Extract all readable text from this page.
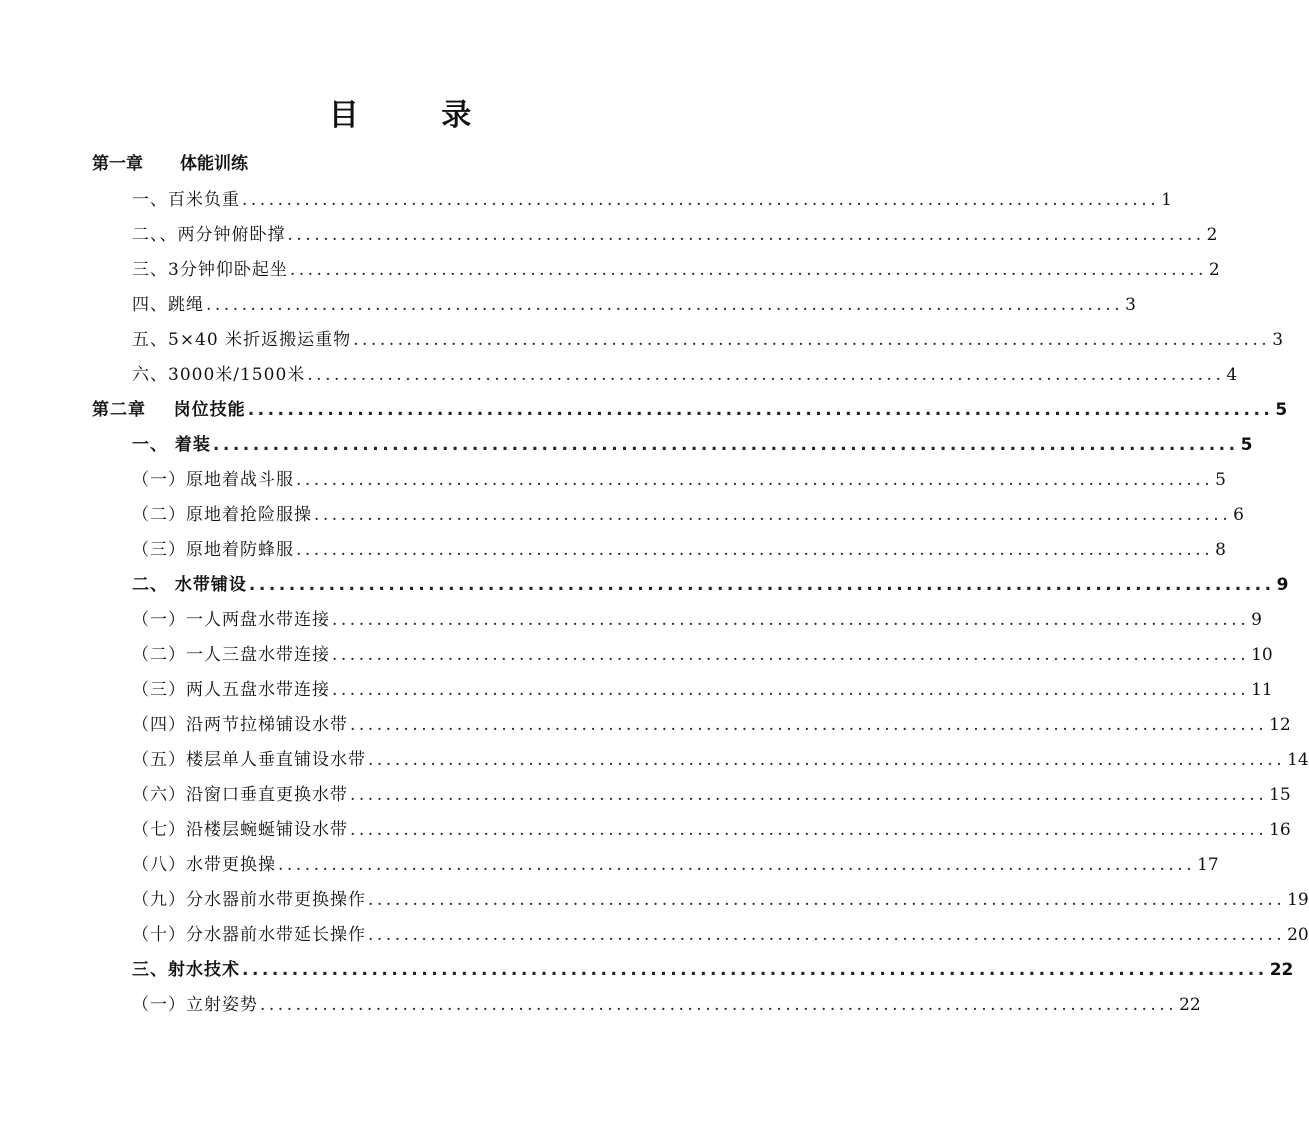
目 录
第一章 体能训练
一、百米负重 ....................................................................................................... 1
二、、两分钟俯卧撑 ....................................................................................................... 2
三、3分钟仰卧起坐 ....................................................................................................... 2
四、跳绳 ....................................................................................................... 3
五、5×40 米折返搬运重物 ....................................................................................................... 3
六、3000米/1500米 ....................................................................................................... 4
第二章    岗位技能 ....................................................................................................... 5
一、 着装 ....................................................................................................... 5
（一）原地着战斗服 ....................................................................................................... 5
（二）原地着抢险服操 ....................................................................................................... 6
（三）原地着防蜂服 ....................................................................................................... 8
二、 水带铺设 ....................................................................................................... 9
（一）一人两盘水带连接 ....................................................................................................... 9
（二）一人三盘水带连接 ....................................................................................................... 10
（三）两人五盘水带连接 ....................................................................................................... 11
（四）沿两节拉梯铺设水带 ....................................................................................................... 12
（五）楼层单人垂直铺设水带 ....................................................................................................... 14
（六）沿窗口垂直更换水带 ....................................................................................................... 15
（七）沿楼层蜿蜒铺设水带 ....................................................................................................... 16
（八）水带更换操 ....................................................................................................... 17
（九）分水器前水带更换操作 ....................................................................................................... 19
（十）分水器前水带延长操作 ....................................................................................................... 20
三、射水技术 ....................................................................................................... 22
（一）立射姿势 ....................................................................................................... 22
